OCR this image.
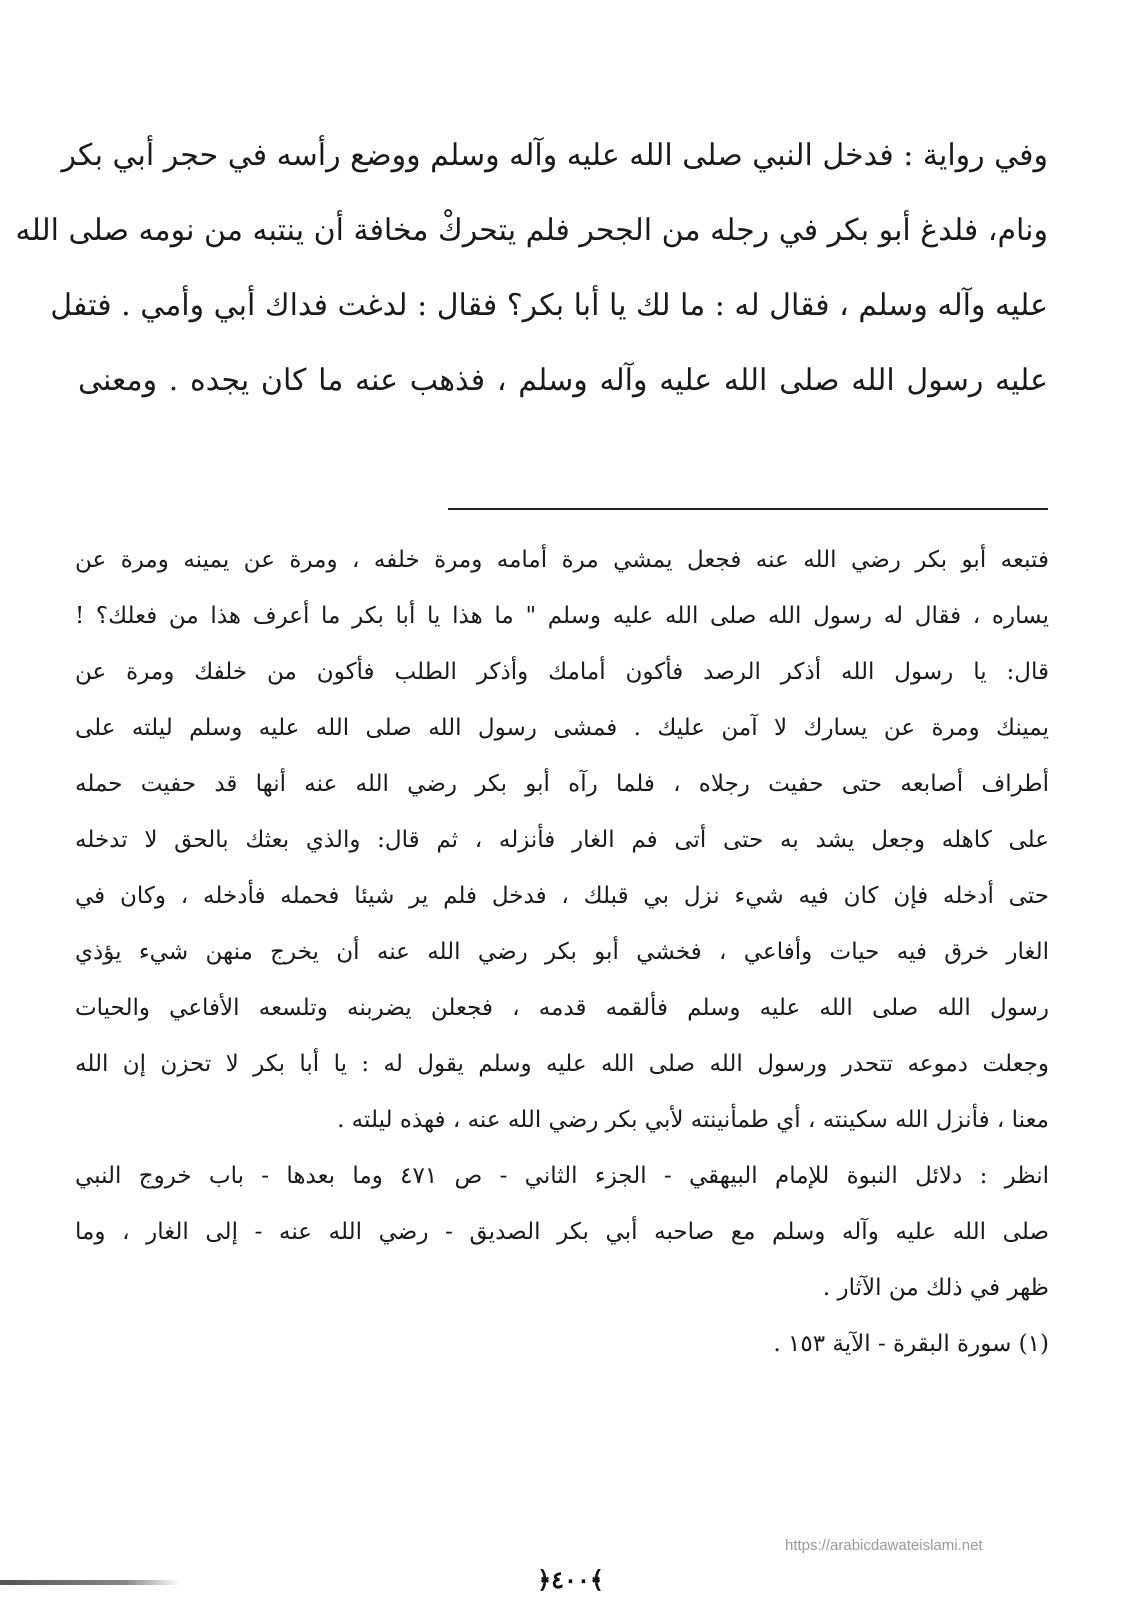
وفي رواية : فدخل النبي صلى الله عليه وآله وسلم ووضع رأسه في حجر أبي بكر
ونام، فلدغ أبو بكر في رجله من الجحر فلم يتحركْ مخافة أن ينتبه من نومه صلى الله
عليه وآله وسلم ، فقال له : ما لك يا أبا بكر؟ فقال : لدغت فداك أبي وأمي . فتفل
عليه رسول الله صلى الله عليه وآله وسلم ، فذهب عنه ما كان يجده . ومعنى
فتبعه أبو بكر رضي الله عنه فجعل يمشي مرة أمامه ومرة خلفه ، ومرة عن يمينه ومرة عن
يساره ، فقال له رسول الله صلى الله عليه وسلم " ما هذا يا أبا بكر ما أعرف هذا من فعلك؟ !
قال: يا رسول الله أذكر الرصد فأكون أمامك وأذكر الطلب فأكون من خلفك ومرة عن
يمينك ومرة عن يسارك لا آمن عليك . فمشى رسول الله صلى الله عليه وسلم ليلته على
أطراف أصابعه حتى حفيت رجلاه ، فلما رآه أبو بكر رضي الله عنه أنها قد حفيت حمله
على كاهله وجعل يشد به حتى أتى فم الغار فأنزله ، ثم قال: والذي بعثك بالحق لا تدخله
حتى أدخله فإن كان فيه شيء نزل بي قبلك ، فدخل فلم ير شيئا فحمله فأدخله ، وكان في
الغار خرق فيه حيات وأفاعي ، فخشي أبو بكر رضي الله عنه أن يخرج منهن شيء يؤذي
رسول الله صلى الله عليه وسلم فألقمه قدمه ، فجعلن يضربنه وتلسعه الأفاعي والحيات
وجعلت دموعه تتحدر ورسول الله صلى الله عليه وسلم يقول له : يا أبا بكر لا تحزن إن الله
معنا ، فأنزل الله سكينته ، أي طمأنينته لأبي بكر رضي الله عنه ، فهذه ليلته .
انظر : دلائل النبوة للإمام البيهقي - الجزء الثاني - ص ٤٧١ وما بعدها - باب خروج النبي
صلى الله عليه وآله وسلم مع صاحبه أبي بكر الصديق - رضي الله عنه - إلى الغار ، وما
ظهر في ذلك من الآثار .
(١) سورة البقرة - الآية ١٥٣ .
https://arabicdawateislami.net
﴿٤٠٠﴾
